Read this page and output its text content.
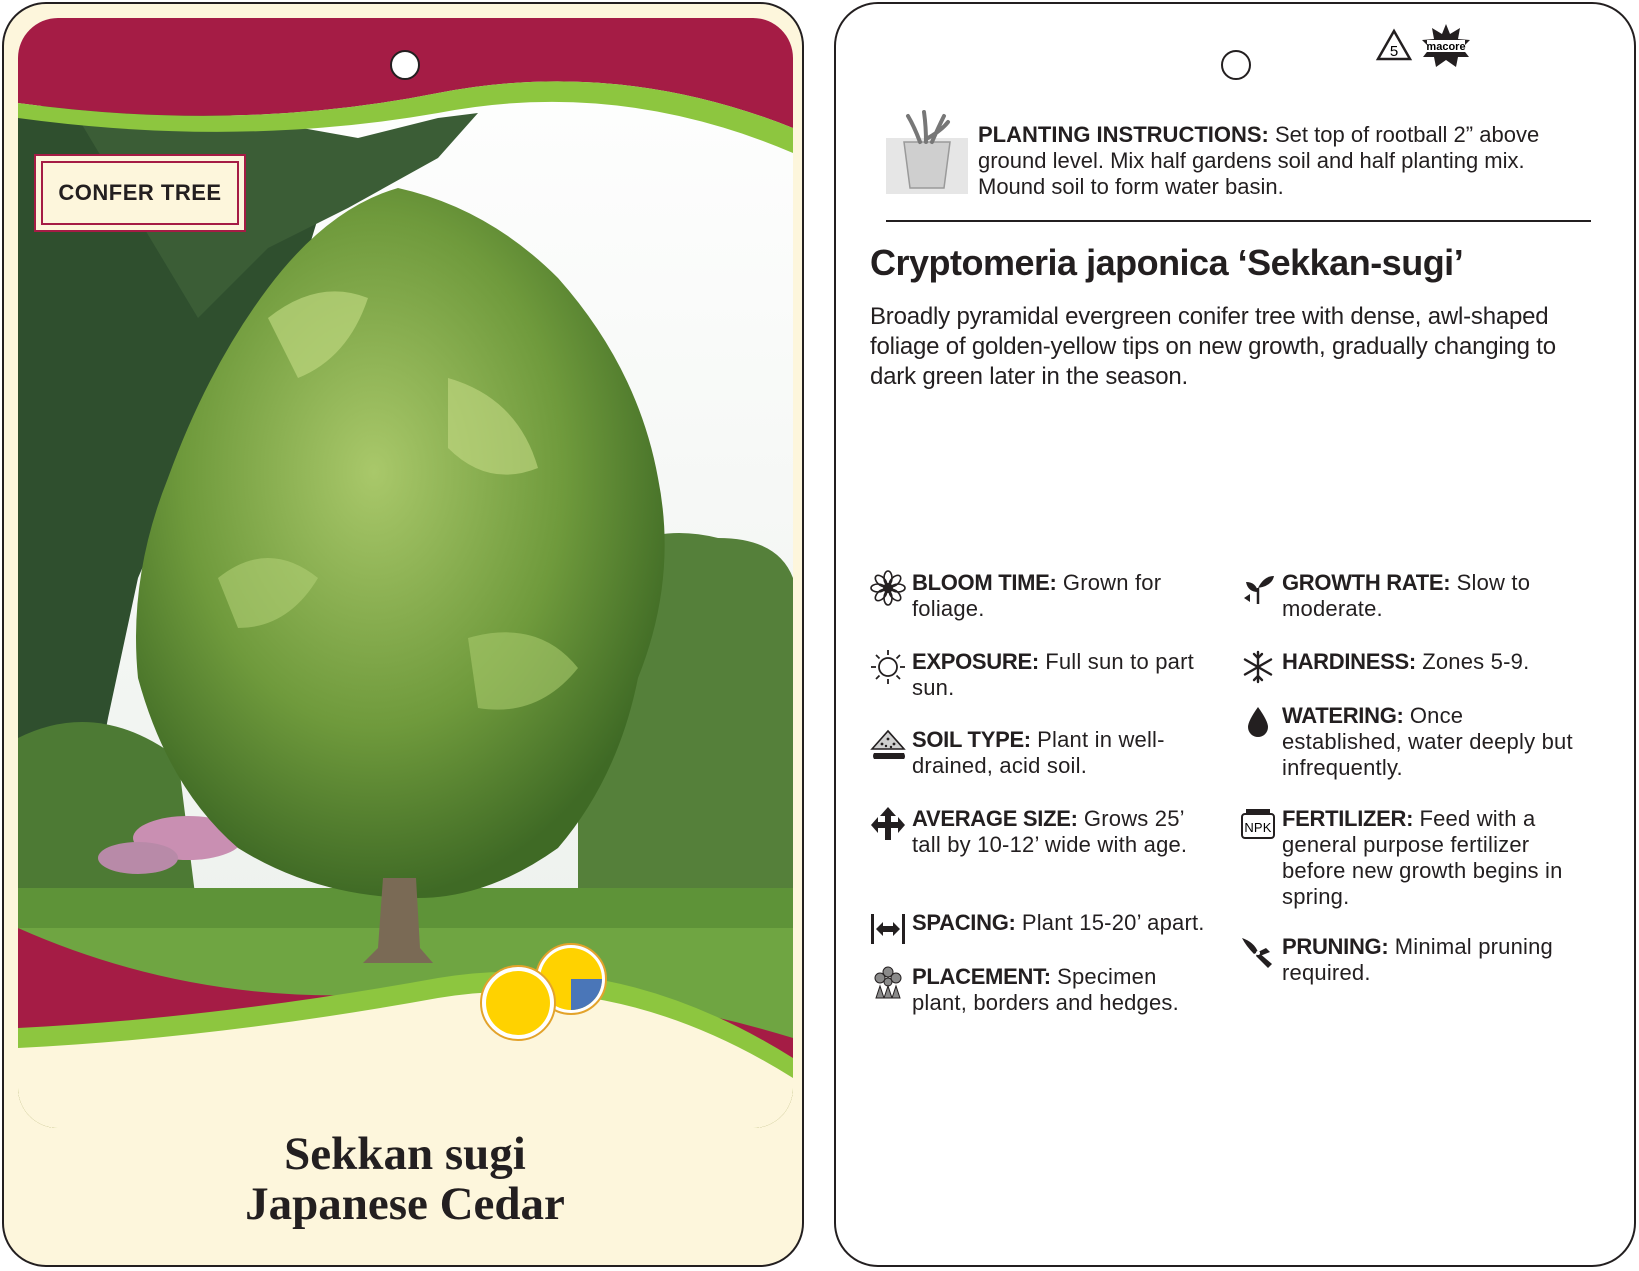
CONFER TREE
Sekkan sugi
Japanese Cedar
5	macore
PLANTING INSTRUCTIONS: Set top of rootball 2” above ground level. Mix half gardens soil and half planting mix. Mound soil to form water basin.
Cryptomeria japonica ‘Sekkan-sugi’
Broadly pyramidal evergreen conifer tree with dense, awl-shaped foliage of golden-yellow tips on new growth, gradually changing to dark green later in the season.
BLOOM TIME: Grown for foliage.
EXPOSURE: Full sun to part sun.
SOIL TYPE: Plant in well-drained, acid soil.
AVERAGE SIZE: Grows 25’ tall by 10-12’ wide with age.
SPACING: Plant 15-20’ apart.
PLACEMENT: Specimen plant, borders and hedges.
GROWTH RATE: Slow to moderate.
HARDINESS: Zones 5-9.
WATERING: Once established, water deeply but infrequently.
NPK FERTILIZER: Feed with a general purpose fertilizer before new growth begins in spring.
PRUNING: Minimal pruning required.
